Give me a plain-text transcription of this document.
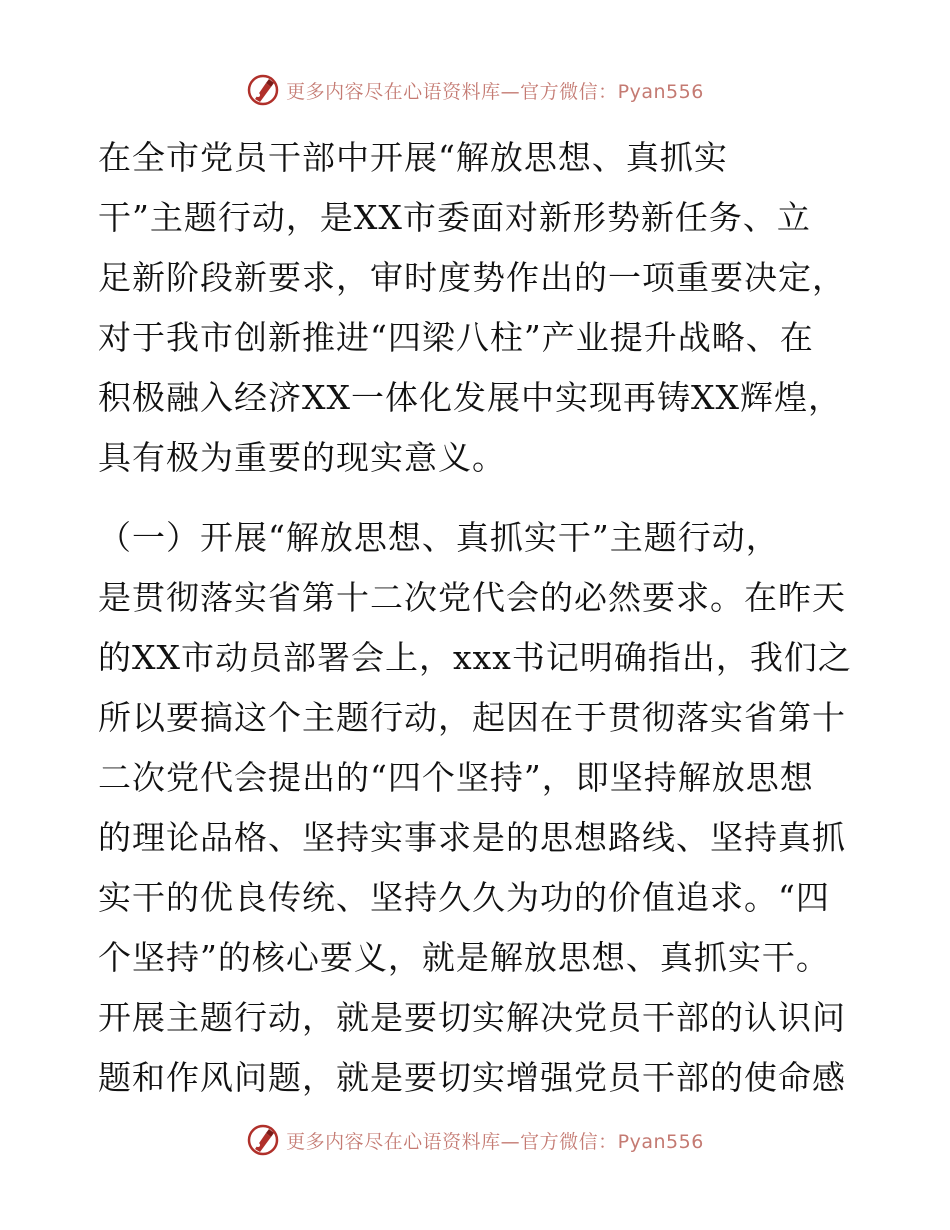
更多内容尽在心语资料库—官方微信：Pyan556
在全市党员干部中开展“解放思想、真抓实
干”主题行动，是XX市委面对新形势新任务、立
足新阶段新要求，审时度势作出的一项重要决定，
对于我市创新推进“四梁八柱”产业提升战略、在
积极融入经济XX一体化发展中实现再铸XX辉煌，
具有极为重要的现实意义。
（一）开展“解放思想、真抓实干”主题行动，
是贯彻落实省第十二次党代会的必然要求。在昨天
的XX市动员部署会上，xxx书记明确指出，我们之
所以要搞这个主题行动，起因在于贯彻落实省第十
二次党代会提出的“四个坚持”，即坚持解放思想
的理论品格、坚持实事求是的思想路线、坚持真抓
实干的优良传统、坚持久久为功的价值追求。“四
个坚持”的核心要义，就是解放思想、真抓实干。
开展主题行动，就是要切实解决党员干部的认识问
题和作风问题，就是要切实增强党员干部的使命感
更多内容尽在心语资料库—官方微信：Pyan556
